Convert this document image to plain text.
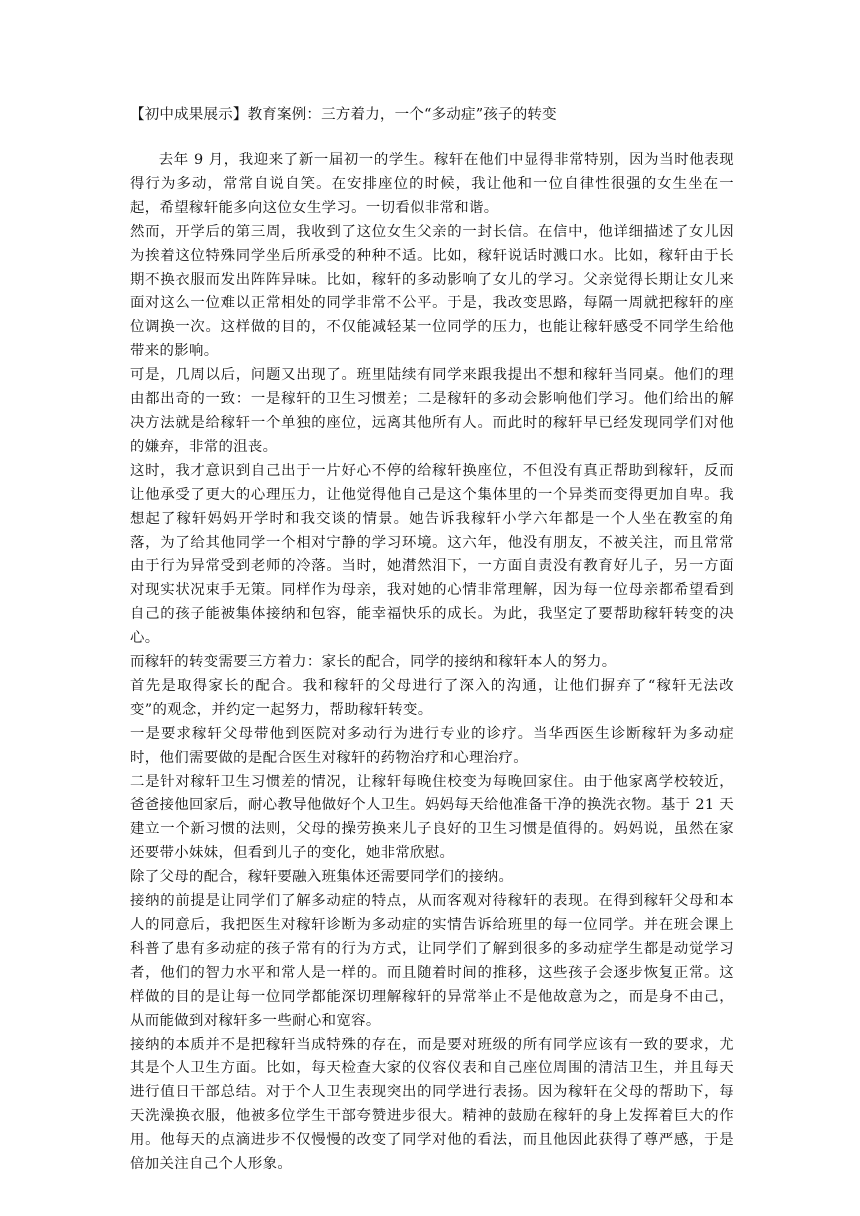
【初中成果展示】教育案例：三方着力，一个“多动症”孩子的转变

去年 9 月，我迎来了新一届初一的学生。稼轩在他们中显得非常特别，因为当时他表现得行为多动，常常自说自笑。在安排座位的时候，我让他和一位自律性很强的女生坐在一起，希望稼轩能多向这位女生学习。一切看似非常和谐。

然而，开学后的第三周，我收到了这位女生父亲的一封长信。在信中，他详细描述了女儿因为挨着这位特殊同学坐后所承受的种种不适。比如，稼轩说话时溅口水。比如，稼轩由于长期不换衣服而发出阵阵异味。比如，稼轩的多动影响了女儿的学习。父亲觉得长期让女儿来面对这么一位难以正常相处的同学非常不公平。于是，我改变思路，每隔一周就把稼轩的座位调换一次。这样做的目的，不仅能减轻某一位同学的压力，也能让稼轩感受不同学生给他带来的影响。

可是，几周以后，问题又出现了。班里陆续有同学来跟我提出不想和稼轩当同桌。他们的理由都出奇的一致：一是稼轩的卫生习惯差；二是稼轩的多动会影响他们学习。他们给出的解决方法就是给稼轩一个单独的座位，远离其他所有人。而此时的稼轩早已经发现同学们对他的嫌弃，非常的沮丧。

这时，我才意识到自己出于一片好心不停的给稼轩换座位，不但没有真正帮助到稼轩，反而让他承受了更大的心理压力，让他觉得他自己是这个集体里的一个异类而变得更加自卑。我想起了稼轩妈妈开学时和我交谈的情景。她告诉我稼轩小学六年都是一个人坐在教室的角落，为了给其他同学一个相对宁静的学习环境。这六年，他没有朋友，不被关注，而且常常由于行为异常受到老师的冷落。当时，她潸然泪下，一方面自责没有教育好儿子，另一方面对现实状况束手无策。同样作为母亲，我对她的心情非常理解，因为每一位母亲都希望看到自己的孩子能被集体接纳和包容，能幸福快乐的成长。为此，我坚定了要帮助稼轩转变的决心。

而稼轩的转变需要三方着力：家长的配合，同学的接纳和稼轩本人的努力。

首先是取得家长的配合。我和稼轩的父母进行了深入的沟通，让他们摒弃了“稼轩无法改变”的观念，并约定一起努力，帮助稼轩转变。

一是要求稼轩父母带他到医院对多动行为进行专业的诊疗。当华西医生诊断稼轩为多动症时，他们需要做的是配合医生对稼轩的药物治疗和心理治疗。

二是针对稼轩卫生习惯差的情况，让稼轩每晚住校变为每晚回家住。由于他家离学校较近，爸爸接他回家后，耐心教导他做好个人卫生。妈妈每天给他准备干净的换洗衣物。基于 21 天建立一个新习惯的法则，父母的操劳换来儿子良好的卫生习惯是值得的。妈妈说，虽然在家还要带小妹妹，但看到儿子的变化，她非常欣慰。

除了父母的配合，稼轩要融入班集体还需要同学们的接纳。

接纳的前提是让同学们了解多动症的特点，从而客观对待稼轩的表现。在得到稼轩父母和本人的同意后，我把医生对稼轩诊断为多动症的实情告诉给班里的每一位同学。并在班会课上科普了患有多动症的孩子常有的行为方式，让同学们了解到很多的多动症学生都是动觉学习者，他们的智力水平和常人是一样的。而且随着时间的推移，这些孩子会逐步恢复正常。这样做的目的是让每一位同学都能深切理解稼轩的异常举止不是他故意为之，而是身不由己，从而能做到对稼轩多一些耐心和宽容。

接纳的本质并不是把稼轩当成特殊的存在，而是要对班级的所有同学应该有一致的要求，尤其是个人卫生方面。比如，每天检查大家的仪容仪表和自己座位周围的清洁卫生，并且每天进行值日干部总结。对于个人卫生表现突出的同学进行表扬。因为稼轩在父母的帮助下，每天洗澡换衣服，他被多位学生干部夸赞进步很大。精神的鼓励在稼轩的身上发挥着巨大的作用。他每天的点滴进步不仅慢慢的改变了同学对他的看法，而且他因此获得了尊严感，于是倍加关注自己个人形象。
